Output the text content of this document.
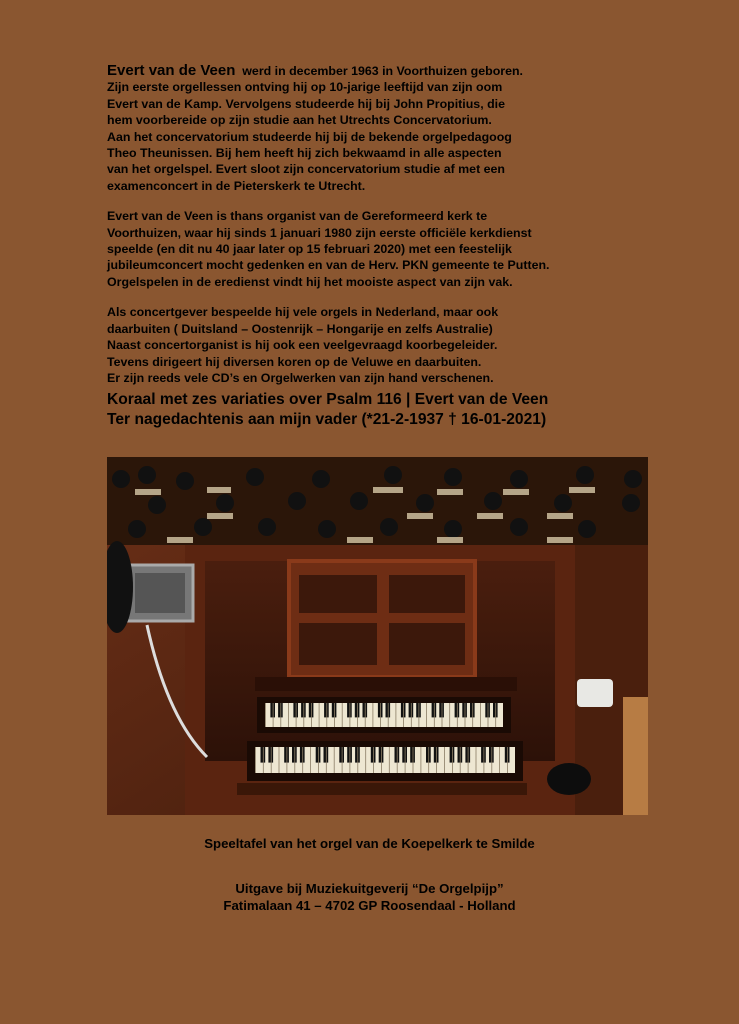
Evert van de Veen werd in december 1963 in Voorthuizen geboren.
Zijn eerste orgellessen ontving hij op 10-jarige leeftijd van zijn oom
Evert van de Kamp. Vervolgens studeerde hij bij John Propitius, die
hem voorbereide op zijn studie aan het Utrechts Concervatorium.
Aan het concervatorium studeerde hij bij de bekende orgelpedagoog
Theo Theunissen. Bij hem heeft hij zich bekwaamd in alle aspecten
van het orgelspel. Evert sloot zijn concervatorium studie af met een
examenconcert in de Pieterskerk te Utrecht.

Evert van de Veen is thans organist van de Gereformeerd kerk te
Voorthuizen, waar hij sinds 1 januari 1980 zijn eerste officiële kerkdienst
speelde (en dit nu 40 jaar later op 15 februari 2020) met een feestelijk
jubileumconcert mocht gedenken en van de Herv. PKN gemeente te Putten.
Orgelspelen in de eredienst vindt hij het mooiste aspect van zijn vak.

Als concertgever bespeelde hij vele orgels in Nederland, maar ook
daarbuiten ( Duitsland – Oostenrijk – Hongarije en zelfs Australie)
Naast concertorganist is hij ook een veelgevraagd koorbegeleider.
Tevens dirigeert hij diversen koren op de Veluwe en daarbuiten.
Er zijn reeds vele CD’s en Orgelwerken van zijn hand verschenen.

Koraal met zes variaties over Psalm 116 | Evert van de Veen
Ter nagedachtenis aan mijn vader (*21-2-1937 † 16-01-2021)
Speeltafel van het orgel van de Koepelkerk te Smilde
Uitgave bij Muziekuitgeverij “De Orgelpijp”
Fatimalaan 41 – 4702 GP Roosendaal - Holland
